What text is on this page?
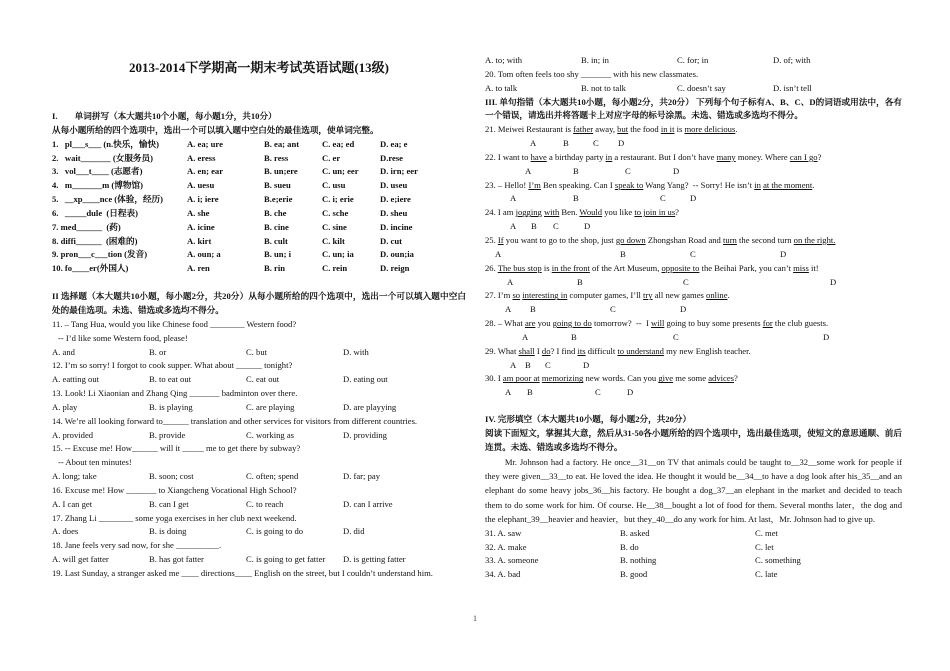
2013-2014下学期高一期末考试英语试题(13级)
I.        单词拼写（本大题共10个小题，每小题1分，共10分）
从每小题所给的四个选项中，选出一个可以填入题中空白处的最佳选项，使单词完整。
1.   pl___s___ (n.快乐，愉快)	A. ea; ure	B. ea; ant	C. ea; ed	D. ea; e
2.   wait_______ (女服务员)	A. eress	B. ress	C. er	D.rese
3.   vol___t____ (志愿者)	A. en; ear	B. un;ere	C. un; eer	D. irn; eer
4.   m_______m (博物馆)	A. uesu	B. sueu	C. usu	D. useu
5.   __xp____nce (体验，经历)	A. i; iere	B.e;erie	C. i; erie	D. e;iere
6.   _____dule  (日程表)	A. she	B. che	C. sche	D. sheu
7. med______  (药)	A. icine	B. cine	C. sine	D. incine
8. diffi______  (困难的)	A. kirt	B. cult	C. kilt	D. cut
9. pron___c___tion (发音)	A. oun; a	B. un; i	C. un; ia	D. oun;ia
10. fo____er(外国人)	A. ren	B. rin	C. rein	D. reign
II 选择题（本大题共10小题，每小题2分，共20分）从每小题所给的四个选项中，选出一个可以填入题中空白处的最佳选项。未选、错选或多选均不得分。
11. – Tang Hua, would you like Chinese food ________ Western food?
-- I’d like some Western food, please!
A. and	B. or	C. but	D. with
12. I’m so sorry! I forgot to cook supper. What about ______ tonight?
A. eatting out	B. to eat out	C. eat out	D. eating out
13. Look! Li Xiaonian and Zhang Qing _______ badminton over there.
A. play	B. is playing	C. are playing	D. are playying
14. We’re all looking forward to______ translation and other services for visitors from different countries.
A. provided	B. provide	C. working as	D. providing
15. -- Excuse me! How______ will it _____ me to get there by subway?
-- About ten minutes!
A. long; take	B. soon; cost	C. often; spend	D. far; pay
16. Excuse me! How _______ to Xiangcheng Vocational High School?
A. I can get	B. can I get	C. to reach	D. can I arrive
17. Zhang Li ________ some yoga exercises in her club next weekend.
A. does	B. is doing	C. is going to do	D. did
18. Jane feels very sad now, for she __________.
A. will get fatter	B. has got fatter	C. is going to get fatter	D. is getting fatter
19. Last Sunday, a stranger asked me ____ directions____ English on the street, but I couldn’t understand him.
A. to; with	B. in; in	C. for; in	D. of; with
20. Tom often feels too shy _______ with his new classmates.
A. to talk	B. not to talk	C. doesn’t say	D. isn’t tell
III. 单句指错（本大题共10小题，每小题2分，共20分） 下列每个句子标有A、B、C、D的词语或用法中，各有一个错误，请选出并将答题卡上对应字母的标号涂黑。未选、错选或多选均不得分。
21. Meiwei Restaurant is father away, but the food in it is more delicious.
A	B	C D
22. I want to have a birthday party in a restaurant. But I don’t have many money. Where can I go?
A	B	C	D
23. – Hello! I’m Ben speaking. Can I speak to Wang Yang?  -- Sorry! He isn’t in at the moment.
A	B	C	D
24. I am jogging with Ben. Would you like to join in us?
A B C	D
25. If you want to go to the shop, just go down Zhongshan Road and turn the second turn on the right.
A	B	C	D
26. The bus stop is in the front of the Art Museum, opposite to the Beihai Park, you can’t miss it!
A	B	C	D
27. I’m so interesting in computer games, I’ll try all new games online.
A B	C	D
28. – What are you going to do tomorrow?  --  I will going to buy some presents for the club guests.
A	B	C	D
29. What shall I do? I find its difficult to understand my new English teacher.
A B C	D
30. I am poor at memorizing new words. Can you give me some advices?
A B	C	D
IV. 完形填空（本大题共10小题，每小题2分，共20分）
阅读下面短文，掌握其大意，然后从31-50各小题所给的四个选项中，选出最佳选项，使短文的意思通顺、前后连贯。未选、错选或多选均不得分。
Mr. Johnson had a factory. He once__31__on TV that animals could be taught to__32__some work for people if they were given__33__to eat. He loved the idea. He thought it would be__34__to have a dog look after his_35__and an elephant do some heavy jobs_36__his factory. He bought a dog_37__an elephant in the market and decided to teach them to do some work for him. Of course. He__38__bought a lot of food for them. Several months later，the dog and the elephant_39__heavier and heavier，but they_40__do any work for him. At last，Mr. Johnson had to give up.
31. A. saw	B. asked	C. met
32. A. make	B. do	C. let
33. A. someone	B. nothing	C. something
34. A. bad	B. good	C. late
1
